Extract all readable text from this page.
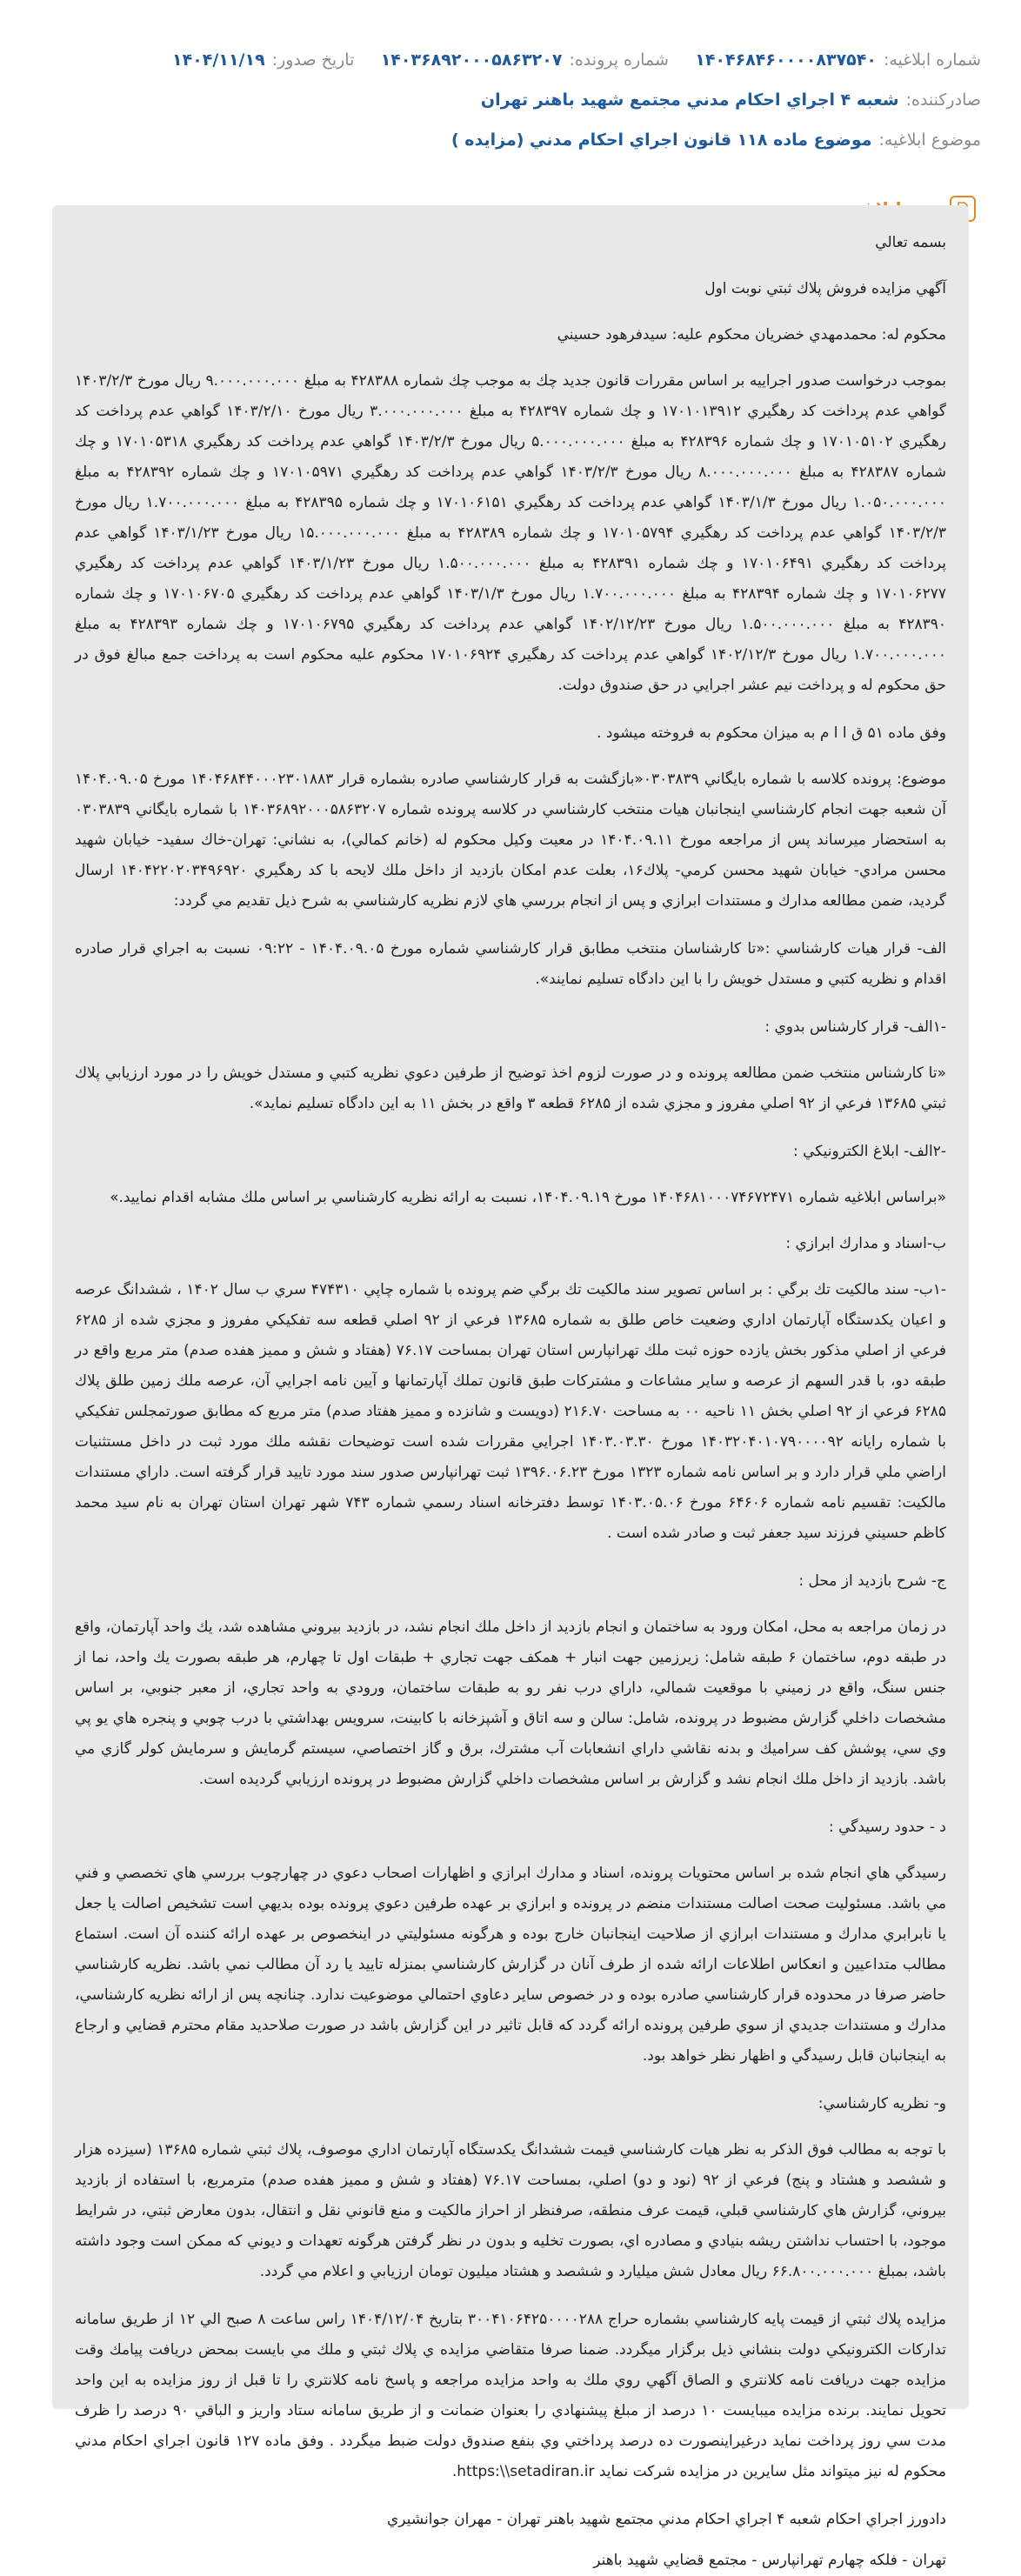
شماره ابلاغیه:
۱۴۰۴۶۸۴۶۰۰۰۰۸۳۷۵۴۰
شماره پرونده:
۱۴۰۳۶۸۹۲۰۰۰۵۸۶۳۲۰۷
تاریخ صدور:
۱۴۰۴/۱۱/۱۹
صادرکننده:
شعبه ۴ اجراي احكام مدني مجتمع شهيد باهنر تهران
موضوع ابلاغیه:
موضوع ماده ۱۱۸ قانون اجراي احكام مدني (مزايده )

بسمه تعالي

آگهي مزايده فروش پلاك ثبتي نوبت اول

محكوم له: محمدمهدي خضريان محكوم عليه: سيدفرهود حسيني

بموجب درخواست صدور اجراييه بر اساس مقررات قانون جديد چك به موجب چك شماره ۴۲۸۳۸۸ به مبلغ ۹.۰۰۰.۰۰۰.۰۰۰ ريال مورخ ۱۴۰۳/۲/۳ گواهي عدم پرداخت كد رهگيري ۱۷۰۱۰۱۳۹۱۲ و چك شماره ۴۲۸۳۹۷ به مبلغ ۳.۰۰۰.۰۰۰.۰۰۰ ريال مورخ ۱۴۰۳/۲/۱۰ گواهي عدم پرداخت كد رهگيري ۱۷۰۱۰۵۱۰۲ و چك شماره ۴۲۸۳۹۶ به مبلغ ۵.۰۰۰.۰۰۰.۰۰۰ ريال مورخ ۱۴۰۳/۲/۳ گواهي عدم پرداخت كد رهگيري ۱۷۰۱۰۵۳۱۸ و چك شماره ۴۲۸۳۸۷ به مبلغ ۸.۰۰۰.۰۰۰.۰۰۰ ريال مورخ ۱۴۰۳/۲/۳ گواهي عدم پرداخت كد رهگيري ۱۷۰۱۰۵۹۷۱ و چك شماره ۴۲۸۳۹۲ به مبلغ ۱.۰۵۰.۰۰۰.۰۰۰ ريال مورخ ۱۴۰۳/۱/۳ گواهي عدم پرداخت كد رهگيري ۱۷۰۱۰۶۱۵۱ و چك شماره ۴۲۸۳۹۵ به مبلغ ۱.۷۰۰.۰۰۰.۰۰۰ ريال مورخ ۱۴۰۳/۲/۳ گواهي عدم پرداخت كد رهگيري ۱۷۰۱۰۵۷۹۴ و چك شماره ۴۲۸۳۸۹ به مبلغ ۱۵.۰۰۰.۰۰۰.۰۰۰ ريال مورخ ۱۴۰۳/۱/۲۳ گواهي عدم پرداخت كد رهگيري ۱۷۰۱۰۶۴۹۱ و چك شماره ۴۲۸۳۹۱ به مبلغ ۱.۵۰۰.۰۰۰.۰۰۰ ريال مورخ ۱۴۰۳/۱/۲۳ گواهي عدم پرداخت كد رهگيري ۱۷۰۱۰۶۲۷۷ و چك شماره ۴۲۸۳۹۴ به مبلغ ۱.۷۰۰.۰۰۰.۰۰۰ ريال مورخ ۱۴۰۳/۱/۳ گواهي عدم پرداخت كد رهگيري ۱۷۰۱۰۶۷۰۵ و چك شماره ۴۲۸۳۹۰ به مبلغ ۱.۵۰۰.۰۰۰.۰۰۰ ريال مورخ ۱۴۰۲/۱۲/۲۳ گواهي عدم پرداخت كد رهگيري ۱۷۰۱۰۶۷۹۵ و چك شماره ۴۲۸۳۹۳ به مبلغ ۱.۷۰۰.۰۰۰.۰۰۰ ريال مورخ ۱۴۰۲/۱۲/۳ گواهي عدم پرداخت كد رهگيري ۱۷۰۱۰۶۹۲۴ محكوم عليه محكوم است به پرداخت جمع مبالغ فوق در حق محكوم له و پرداخت نيم عشر اجرايي در حق صندوق دولت.

وفق ماده ۵۱ ق ا ا م به ميزان محكوم به فروخته ميشود .

موضوع: پرونده كلاسه با شماره بايگاني ۰۳۰۳۸۳۹«بازگشت به قرار كارشناسي صادره بشماره قرار ۱۴۰۴۶۸۴۴۰۰۰۲۳۰۱۸۸۳ مورخ ۱۴۰۴.۰۹.۰۵ آن شعبه جهت انجام كارشناسي اينجانبان هيات منتخب كارشناسي در كلاسه پرونده شماره ۱۴۰۳۶۸۹۲۰۰۰۵۸۶۳۲۰۷ با شماره بايگاني ۰۳۰۳۸۳۹ به استحضار ميرساند پس از مراجعه مورخ ۱۴۰۴.۰۹.۱۱ در معيت وكيل محكوم له (خانم كمالي)، به نشاني: تهران-خاك سفيد- خيابان شهيد محسن مرادي- خيابان شهيد محسن كرمي- پلاك۱۶، بعلت عدم امكان بازديد از داخل ملك لايحه با كد رهگيري ۱۴۰۴۲۲۰۲۰۳۴۹۶۹۲۰ ارسال گرديد، ضمن مطالعه مدارك و مستندات ابرازي و پس از انجام بررسي هاي لازم نظريه كارشناسي به شرح ذيل تقديم مي گردد:

الف- قرار هيات كارشناسي :«تا كارشناسان منتخب مطابق قرار كارشناسي شماره مورخ ۱۴۰۴.۰۹.۰۵ - ۰۹:۲۲ نسبت به اجراي قرار صادره اقدام و نظريه كتبي و مستدل خويش را با اين دادگاه تسليم نمايند».

-۱الف- قرار كارشناس بدوي :

«تا كارشناس منتخب ضمن مطالعه پرونده و در صورت لزوم اخذ توضيح از طرفين دعوي نظريه كتبي و مستدل خويش را در مورد ارزيابي پلاك ثبتي ۱۳۶۸۵ فرعي از ۹۲ اصلي مفروز و مجزي شده از ۶۲۸۵ قطعه ۳ واقع در بخش ۱۱ به اين دادگاه تسليم نمايد».

-۲الف- ابلاغ الكترونيكي :

«براساس ابلاغيه شماره ۱۴۰۴۶۸۱۰۰۰۷۴۶۷۲۴۷۱ مورخ ۱۴۰۴.۰۹.۱۹، نسبت به ارائه نظريه كارشناسي بر اساس ملك مشابه اقدام نماييد.»

ب-اسناد و مدارك ابرازي :

-۱ب- سند مالكيت تك برگي : بر اساس تصوير سند مالكيت تك برگي ضم پرونده با شماره چاپي ۴۷۴۳۱۰ سري ب سال ۱۴۰۲ ، ششدانگ عرصه و اعيان يكدستگاه آپارتمان اداري وضعيت خاص طلق به شماره ۱۳۶۸۵ فرعي از ۹۲ اصلي قطعه سه تفكيكي مفروز و مجزي شده از ۶۲۸۵ فرعي از اصلي مذكور بخش يازده حوزه ثبت ملك تهرانپارس استان تهران بمساحت ۷۶.۱۷ (هفتاد و شش و مميز هفده صدم) متر مربع واقع در طبقه دو، با قدر السهم از عرصه و ساير مشاعات و مشتركات طبق قانون تملك آپارتمانها و آيين نامه اجرايي آن، عرصه ملك زمين طلق پلاك ۶۲۸۵ فرعي از ۹۲ اصلي بخش ۱۱ ناحيه ۰۰ به مساحت ۲۱۶.۷۰ (دويست و شانزده و مميز هفتاد صدم) متر مربع كه مطابق صورتمجلس تفكيكي با شماره رايانه ۱۴۰۳۲۰۴۰۱۰۷۹۰۰۰۰۹۲ مورخ ۱۴۰۳.۰۳.۳۰ اجرايي مقررات شده است توضيحات نقشه ملك مورد ثبت در داخل مستثنيات اراضي ملي قرار دارد و بر اساس نامه شماره ۱۳۲۳ مورخ ۱۳۹۶.۰۶.۲۳ ثبت تهرانپارس صدور سند مورد تاييد قرار گرفته است. داراي مستندات مالكيت: تقسيم نامه شماره ۶۴۶۰۶ مورخ ۱۴۰۳.۰۵.۰۶ توسط دفترخانه اسناد رسمي شماره ۷۴۳ شهر تهران استان تهران به نام سيد محمد كاظم حسيني فرزند سيد جعفر ثبت و صادر شده است .

ج- شرح بازديد از محل :

در زمان مراجعه به محل، امكان ورود به ساختمان و انجام بازديد از داخل ملك انجام نشد، در بازديد بيروني مشاهده شد، يك واحد آپارتمان، واقع در طبقه دوم، ساختمان ۶ طبقه شامل: زيرزمين جهت انبار + همكف جهت تجاري + طبقات اول تا چهارم، هر طبقه بصورت يك واحد، نما از جنس سنگ، واقع در زميني با موقعيت شمالي، داراي درب نفر رو به طبقات ساختمان، ورودي به واحد تجاري، از معبر جنوبي، بر اساس مشخصات داخلي گزارش مضبوط در پرونده، شامل: سالن و سه اتاق و آشپزخانه با كابينت، سرويس بهداشتي با درب چوبي و پنجره هاي يو پي وي سي، پوشش كف سراميك و بدنه نقاشي داراي انشعابات آب مشترك، برق و گاز اختصاصي، سيستم گرمايش و سرمايش كولر گازي مي باشد. بازديد از داخل ملك انجام نشد و گزارش بر اساس مشخصات داخلي گزارش مضبوط در پرونده ارزيابي گرديده است.

د - حدود رسيدگي :

رسيدگي هاي انجام شده بر اساس محتويات پرونده، اسناد و مدارك ابرازي و اظهارات اصحاب دعوي در چهارچوب بررسي هاي تخصصي و فني مي باشد. مسئوليت صحت اصالت مستندات منضم در پرونده و ابرازي بر عهده طرفين دعوي پرونده بوده بديهي است تشخيص اصالت يا جعل يا نابرابري مدارك و مستندات ابرازي از صلاحيت اينجانبان خارج بوده و هرگونه مسئوليتي در اينخصوص بر عهده ارائه كننده آن است. استماع مطالب متداعيين و انعكاس اطلاعات ارائه شده از طرف آنان در گزارش كارشناسي بمنزله تاييد يا رد آن مطالب نمي باشد. نظريه كارشناسي حاضر صرفا در محدوده قرار كارشناسي صادره بوده و در خصوص ساير دعاوي احتمالي موضوعيت ندارد. چنانچه پس از ارائه نظريه كارشناسي، مدارك و مستندات جديدي از سوي طرفين پرونده ارائه گردد كه قابل تاثير در اين گزارش باشد در صورت صلاحديد مقام محترم قضايي و ارجاع به اينجانبان قابل رسيدگي و اظهار نظر خواهد بود.

و- نظريه كارشناسي:

با توجه به مطالب فوق الذكر به نظر هيات كارشناسي قيمت ششدانگ يكدستگاه آپارتمان اداري موصوف، پلاك ثبتي شماره ۱۳۶۸۵ (سيزده هزار و ششصد و هشتاد و پنج) فرعي از ۹۲ (نود و دو) اصلي، بمساحت ۷۶.۱۷ (هفتاد و شش و مميز هفده صدم) مترمربع، با استفاده از بازديد بيروني، گزارش هاي كارشناسي قبلي، قيمت عرف منطقه، صرفنظر از احراز مالكيت و منع قانوني نقل و انتقال، بدون معارض ثبتي، در شرايط موجود، با احتساب نداشتن ريشه بنيادي و مصادره اي، بصورت تخليه و بدون در نظر گرفتن هرگونه تعهدات و ديوني كه ممكن است وجود داشته باشد، بمبلغ ۶۶.۸۰۰.۰۰۰.۰۰۰ ريال معادل شش ميليارد و ششصد و هشتاد ميليون تومان ارزيابي و اعلام مي گردد.

مزايده پلاك ثبتي از قيمت پايه كارشناسي بشماره حراج ۳۰۰۴۱۰۶۴۲۵۰۰۰۰۲۸۸ بتاريخ ۱۴۰۴/۱۲/۰۴ راس ساعت ۸ صبح الي ۱۲ از طريق سامانه تداركات الكترونيكي دولت بنشاني ذيل برگزار ميگردد. ضمنا صرفا متقاضي مزايده ي پلاك ثبتي و ملك مي بايست بمحض دريافت پيامك وقت مزايده جهت دريافت نامه كلانتري و الصاق آگهي روي ملك به واحد مزايده مراجعه و پاسخ نامه كلانتري را تا قبل از روز مزايده به اين واحد تحويل نمايند. برنده مزايده ميبايست ۱۰ درصد از مبلغ پيشنهادي را بعنوان ضمانت و از طريق سامانه ستاد واريز و الباقي ۹۰ درصد را ظرف مدت سي روز پرداخت نمايد درغيراينصورت ده درصد پرداختي وي بنفع صندوق دولت ضبط ميگردد . وفق ماده ۱۲۷ قانون اجراي احكام مدني محكوم له نيز ميتواند مثل سايرين در مزايده شركت نمايد https:\\setadiran.ir.

دادورز اجراي احكام شعبه ۴ اجراي احكام مدني مجتمع شهيد باهنر تهران - مهران جوانشيري

تهران - فلكه چهارم تهرانپارس - مجتمع قضايي شهيد باهنر
